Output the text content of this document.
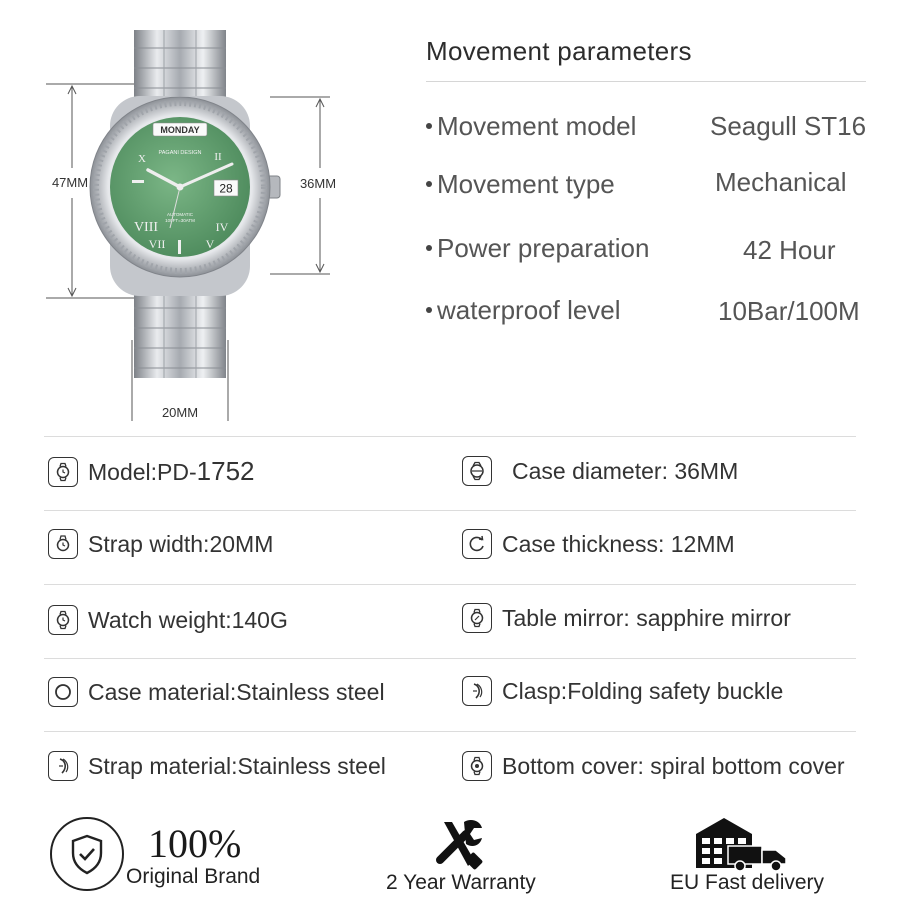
MONDAY
28
PAGANI DESIGN
AUTOMATIC
100FT=30ATM
VIII
VII	V
IV
X	II
47MM	36MM
20MM
Movement parameters
Movement model	Seagull ST16
Movement type	Mechanical
Power preparation	42 Hour
waterproof level	10Bar/100M
Model:PD-1752	Case diameter: 36MM
Strap width:20MM	Case thickness: 12MM
Watch weight:140G	Table mirror: sapphire mirror
Case material:Stainless steel	Clasp:Folding safety buckle
Strap material:Stainless steel	Bottom cover: spiral bottom cover
100%
Original Brand	2 Year Warranty	EU Fast delivery
